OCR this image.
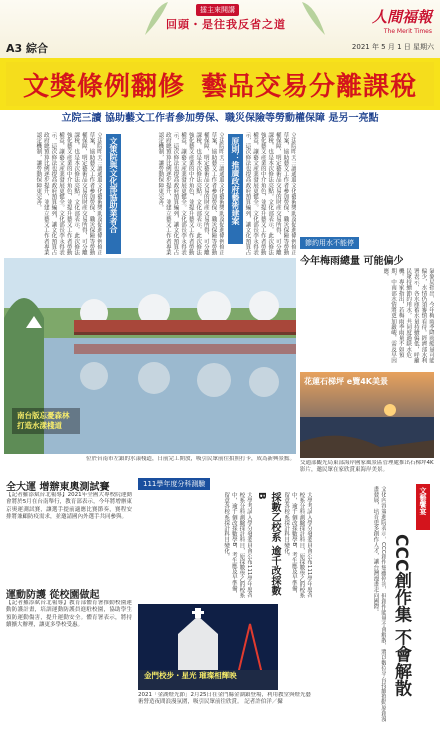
A3 綜合
擂主來開講
回頭・是往我反省之道	人間福報
The Merit Times
2021 年 5 月 1 日 星期六
文獎條例翻修 藝品交易分離課稅
立院三讀 協助藝文工作者參加勞保、職災保險等勞動權保障 是另一亮點
立法院昨天三讀通過文化藝術獎助及促進條例修正草案，協助藝文工作者參加勞保、職災保險等勞動權保障，明定藝術品交易的財產交易所得，可分離課稅，也是本次修法亮點。文化部表示，此次修法強化藝文產業的中介角色，並提升藝文工作者勞動權益，讓藝文產業發展更健全。文化部長李永得表示，這次修法也提高政府預算編列，讓文化預算占政府總預算比例逐步提升，並建立藝文工作者專業認定機制，讓勞動保障更完善。	文策院與文化部協助業者合	立法院昨天三讀通過文化藝術獎助及促進條例修正草案，協助藝文工作者參加勞保、職災保險等勞動權保障，明定藝術品交易的財產交易所得，可分離課稅，也是本次修法亮點。文化部表示，此次修法強化藝文產業的中介角色，並提升藝文工作者勞動權益，讓藝文產業發展更健全。文化部長李永得表示，這次修法也提高政府預算編列，讓文化預算占政府總預算比例逐步提升，並建立藝文工作者專業認定機制，讓勞動保障更完善。	原則：推廣政府藝術建案
立法院昨天三讀通過文化藝術獎助及促進條例修正草案，協助藝文工作者參加勞保、職災保險等勞動權保障，明定藝術品交易的財產交易所得，可分離課稅，也是本次修法亮點。文化部表示，此次修法強化藝文產業的中介角色，並提升藝文工作者勞動權益，讓藝文產業發展更健全。文化部長李永得表示，這次修法也提高政府預算編列，讓文化預算占
節約用水不能停
今年梅雨總量 可能偏少
氣象局指出，今年梅雨季降雨總量可能偏少，水情仍須審慎看待。經濟部水利署表示，各水庫蓄水量持續偏低，呼籲民眾持續節約用水，共同度過缺水危機。專家指出，若梅雨季雨量不如預期，中南部水情將更加嚴峻，需及早因應。
南台版忘憂森林 打造水漾棧道
位於台南市左鎮的水漾棧道，日前完工開放，吸引民眾前往拍照打卡，成為新興景點。
花蓮石梯坪 e覽4K美景
交通部觀光局東部海岸國家風景區管理處推出石梯坪4K影片，邀民眾在家欣賞東海岸美景。
全大運 增辦東奧測試賽
【記者羅添斌台北報導】2021年全國大專校院運動會將於5月在台南舉行，教育部表示，今年將增辦東京奧運測試賽，讓選手提前適應比賽節奏，賽程安排將兼顧防疫需求，並邀請國內外選手共同參與。
運動防護 從校園做起
【記者羅添斌台北報導】教育部體育署推動校園運動防護計畫，培訓運動防護員進駐校園，協助學生預防運動傷害，提升運動安全。體育署表示，將持續擴大辦理，讓更多學校受惠。
111學年度分科測驗
大學考試入學分發委員會公布111學年度各校系分科測驗採計科目，原採數學乙的校系中，逾千個改採數學B，考生應及早準備，留意各校系採計科目變化。	採數乙校系 逾千改採數B	大學考試入學分發委員會公布111學年度各校系分科測驗採計科目，原採數學乙的校系中，逾千個改採數學B，考生應及早準備，留意各校系採計科目變化。
金門校步・星光 璀璨相輝映
2021「金湖燈光節」2月25日在金門縣金湖鎮登場，利用教堂與燈光藝術營造夜間浪漫氛圍，吸引民眾前往欣賞。 記者許伯洋／攝	文化內容策進院表示，CCC創作集雖停刊，但創作能量不會解散，將以數位平台持續推動原創漫畫發展，培育更多創作人才，讓台灣漫畫走向國際。	文藝饗宴
CCC創作集 不會解散
